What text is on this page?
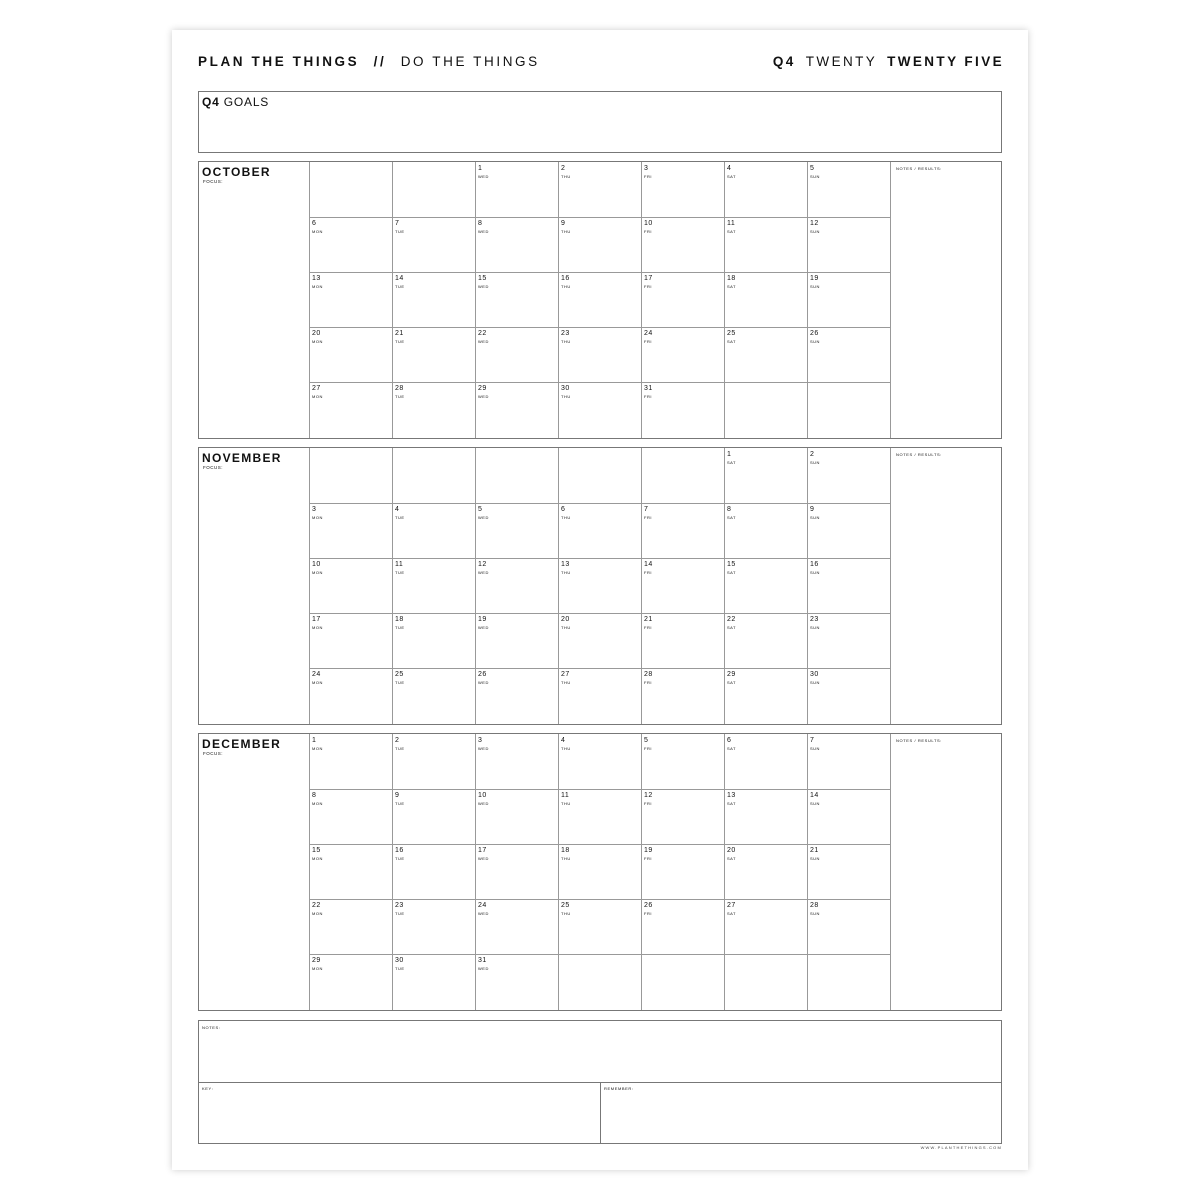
PLAN THE THINGS // DO THE THINGS	Q4 TWENTY TWENTY FIVE
Q4 GOALS
OCTOBER
FOCUS:
NOTES / RESULTS:
1
WED
2
THU
3
FRI
4
SAT
5
SUN
6
MON
7
TUE
8
WED
9
THU
10
FRI
11
SAT
12
SUN
13
MON
14
TUE
15
WED
16
THU
17
FRI
18
SAT
19
SUN
20
MON
21
TUE
22
WED
23
THU
24
FRI
25
SAT
26
SUN
27
MON
28
TUE
29
WED
30
THU
31
FRI
NOVEMBER
FOCUS:
NOTES / RESULTS:
1
SAT
2
SUN
3
MON
4
TUE
5
WED
6
THU
7
FRI
8
SAT
9
SUN
10
MON
11
TUE
12
WED
13
THU
14
FRI
15
SAT
16
SUN
17
MON
18
TUE
19
WED
20
THU
21
FRI
22
SAT
23
SUN
24
MON
25
TUE
26
WED
27
THU
28
FRI
29
SAT
30
SUN
DECEMBER
FOCUS:
NOTES / RESULTS:
1
MON
2
TUE
3
WED
4
THU
5
FRI
6
SAT
7
SUN
8
MON
9
TUE
10
WED
11
THU
12
FRI
13
SAT
14
SUN
15
MON
16
TUE
17
WED
18
THU
19
FRI
20
SAT
21
SUN
22
MON
23
TUE
24
WED
25
THU
26
FRI
27
SAT
28
SUN
29
MON
30
TUE
31
WED
NOTES:
KEY:	REMEMBER:
WWW.PLANTHETHINGS.COM
